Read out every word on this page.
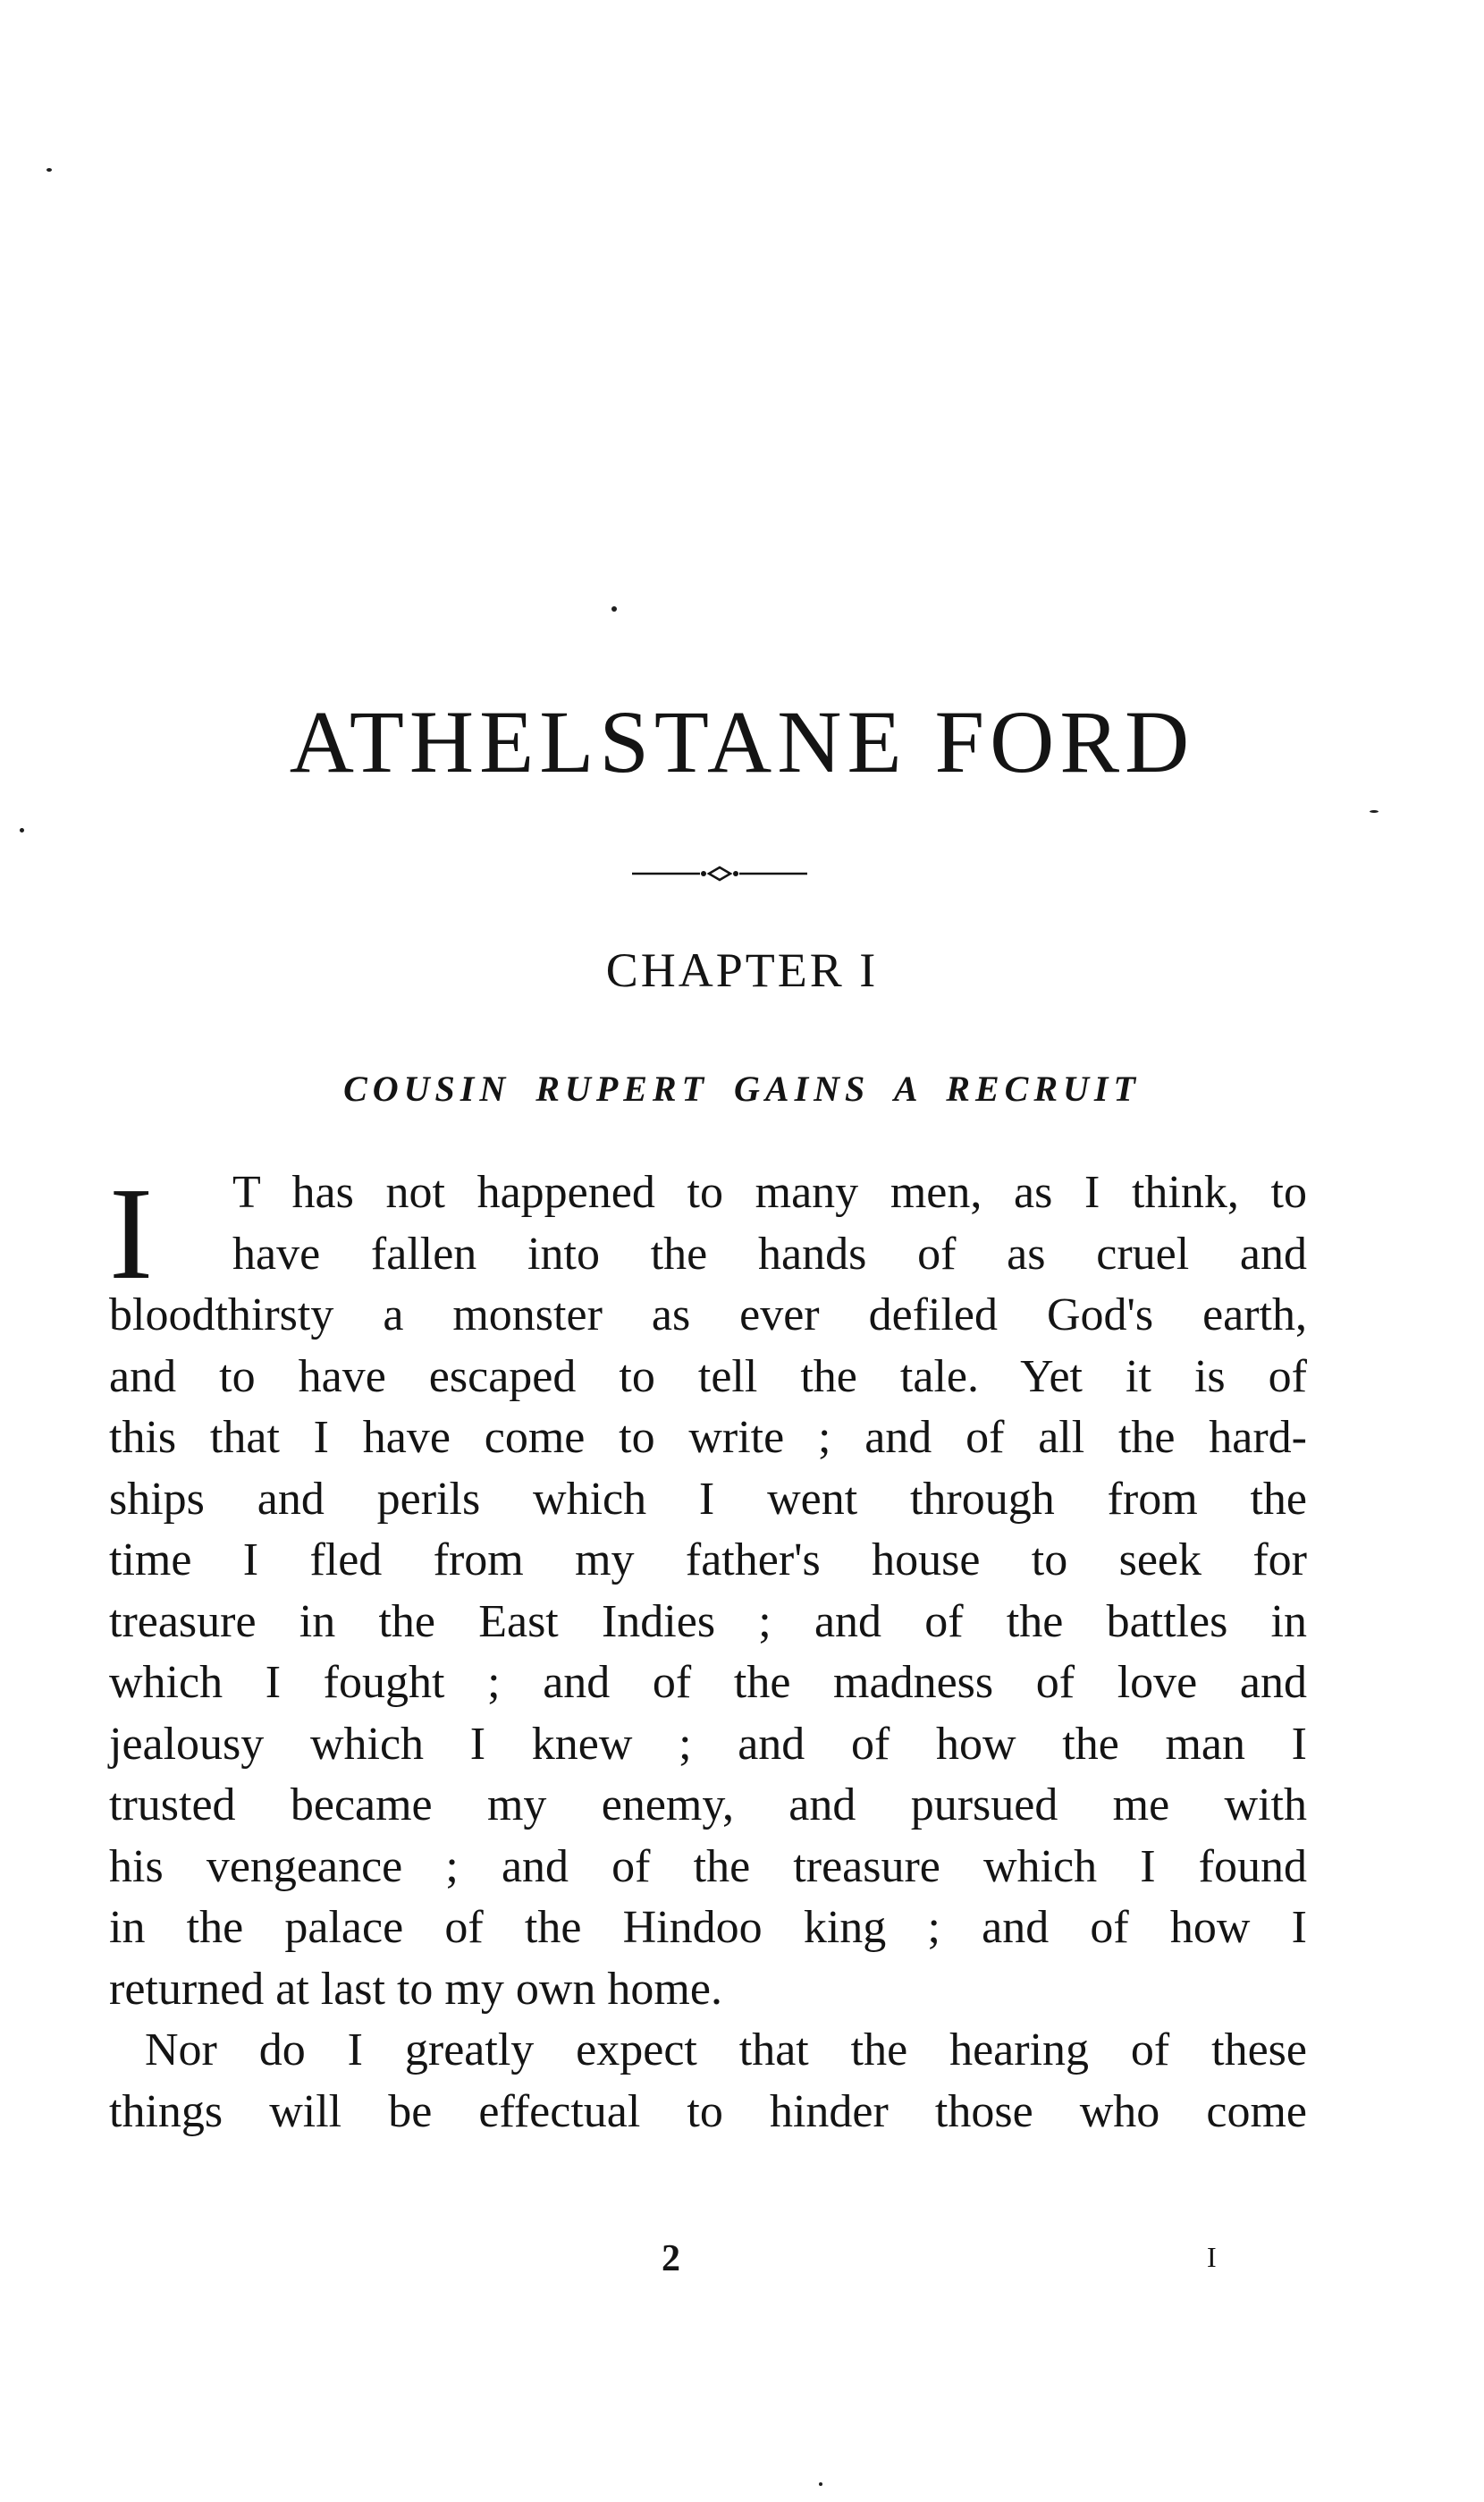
ATHELSTANE FORD
CHAPTER I
COUSIN RUPERT GAINS A RECRUIT
I	T has not happened to many men, as I think, to
have fallen into the hands of as cruel and
bloodthirsty a monster as ever defiled God's earth,
and to have escaped to tell the tale. Yet it is of
this that I have come to write ; and of all the hard-
ships and perils which I went through from the
time I fled from my father's house to seek for
treasure in the East Indies ; and of the battles in
which I fought ; and of the madness of love and
jealousy which I knew ; and of how the man I
trusted became my enemy, and pursued me with
his vengeance ; and of the treasure which I found
in the palace of the Hindoo king ; and of how I
returned at last to my own home.
Nor do I greatly expect that the hearing of these
things will be effectual to hinder those who come
2	I
